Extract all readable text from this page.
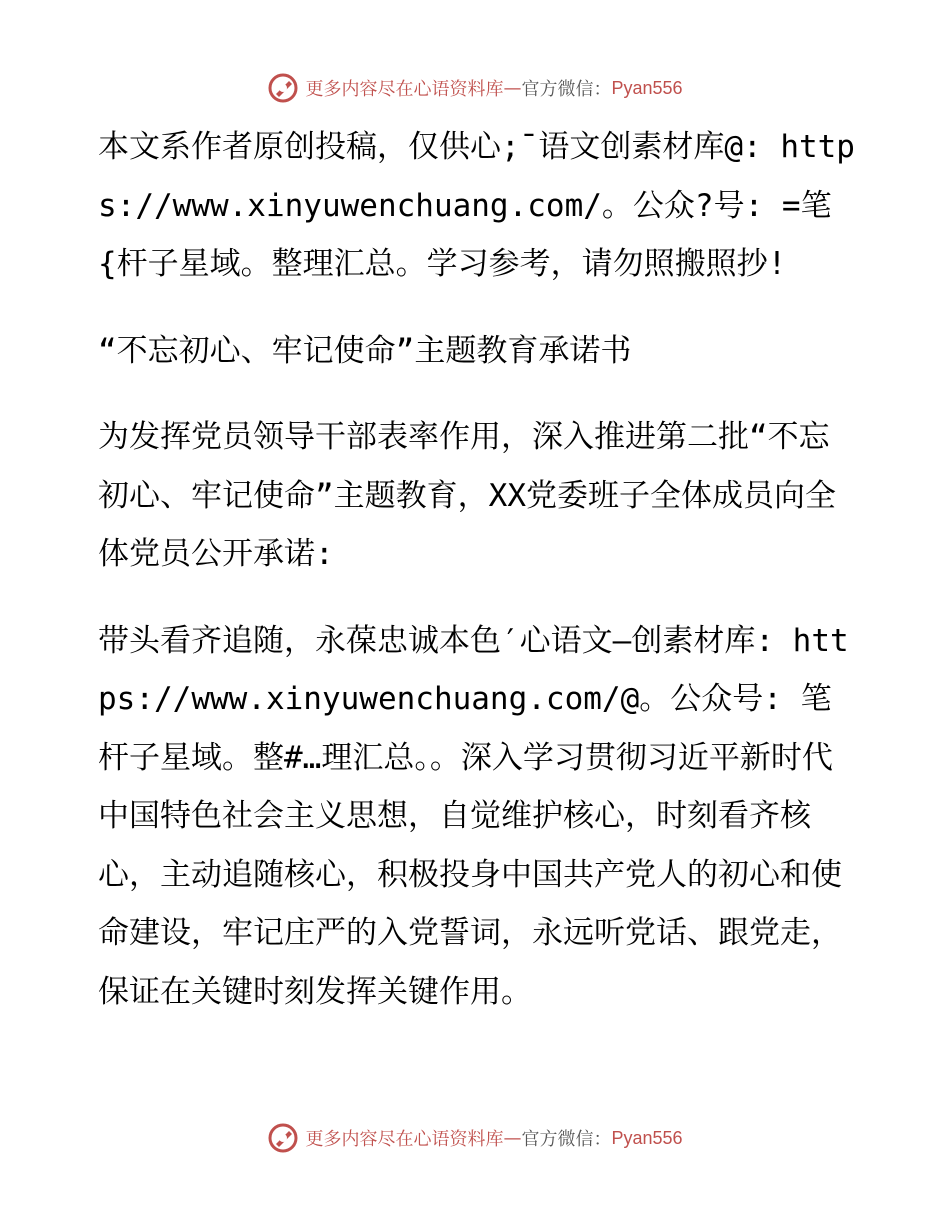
更多内容尽在心语资料库 — 官方微信： Pyan556

本文系作者原创投稿，仅供心;¯语文创素材库@: https://www.xinyuwenchuang.com/。公众?号: =笔{杆子星域。整理汇总。学习参考，请勿照搬照抄!

“不忘初心、牢记使命”主题教育承诺书

为发挥党员领导干部表率作用，深入推进第二批“不忘初心、牢记使命”主题教育，XX党委班子全体成员向全体党员公开承诺:

带头看齐追随，永葆忠诚本色′心语文—创素材库: https://www.xinyuwenchuang.com/@。公众号: 笔杆子星域。整#…理汇总。。深入学习贯彻习近平新时代中国特色社会主义思想，自觉维护核心，时刻看齐核心，主动追随核心，积极投身中国共产党人的初心和使命建设，牢记庄严的入党誓词，永远听党话、跟党走，保证在关键时刻发挥关键作用。

更多内容尽在心语资料库 — 官方微信： Pyan556
